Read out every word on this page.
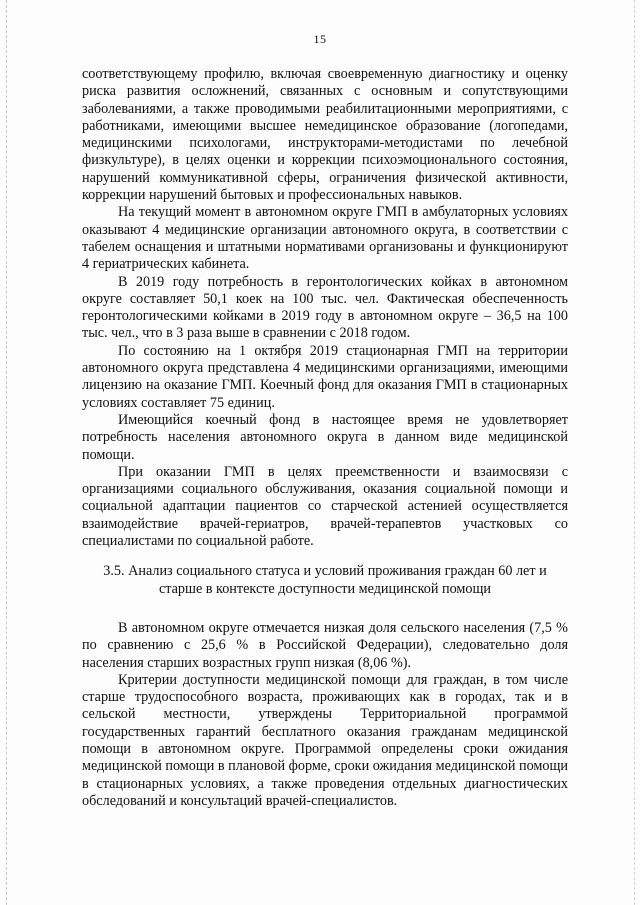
15

соответствующему профилю, включая своевременную диагностику и оценку риска развития осложнений, связанных с основным и сопутствующими заболеваниями, а также проводимыми реабилитационными мероприятиями, с работниками, имеющими высшее немедицинское образование (логопедами, медицинскими психологами, инструкторами-методистами по лечебной физкультуре), в целях оценки и коррекции психоэмоционального состояния, нарушений коммуникативной сферы, ограничения физической активности, коррекции нарушений бытовых и профессиональных навыков.

На текущий момент в автономном округе ГМП в амбулаторных условиях оказывают 4 медицинские организации автономного округа, в соответствии с табелем оснащения и штатными нормативами организованы и функционируют 4 гериатрических кабинета.

В 2019 году потребность в геронтологических койках в автономном округе составляет 50,1 коек на 100 тыс. чел. Фактическая обеспеченность геронтологическими койками в 2019 году в автономном округе – 36,5 на 100 тыс. чел., что в 3 раза выше в сравнении с 2018 годом.

По состоянию на 1 октября 2019 стационарная ГМП на территории автономного округа представлена 4 медицинскими организациями, имеющими лицензию на оказание ГМП. Коечный фонд для оказания ГМП в стационарных условиях составляет 75 единиц.

Имеющийся коечный фонд в настоящее время не удовлетворяет потребность населения автономного округа в данном виде медицинской помощи.

При оказании ГМП в целях преемственности и взаимосвязи с организациями социального обслуживания, оказания социальной помощи и социальной адаптации пациентов со старческой астенией осуществляется взаимодействие врачей-гериатров, врачей-терапевтов участковых со специалистами по социальной работе.

3.5. Анализ социального статуса и условий проживания граждан 60 лет и
старше в контексте доступности медицинской помощи

В автономном округе отмечается низкая доля сельского населения (7,5 % по сравнению с 25,6 % в Российской Федерации), следовательно доля населения старших возрастных групп низкая (8,06 %).

Критерии доступности медицинской помощи для граждан, в том числе старше трудоспособного возраста, проживающих как в городах, так и в сельской местности, утверждены Территориальной программой государственных гарантий бесплатного оказания гражданам медицинской помощи в автономном округе. Программой определены сроки ожидания медицинской помощи в плановой форме, сроки ожидания медицинской помощи в стационарных условиях, а также проведения отдельных диагностических обследований и консультаций врачей-специалистов.
